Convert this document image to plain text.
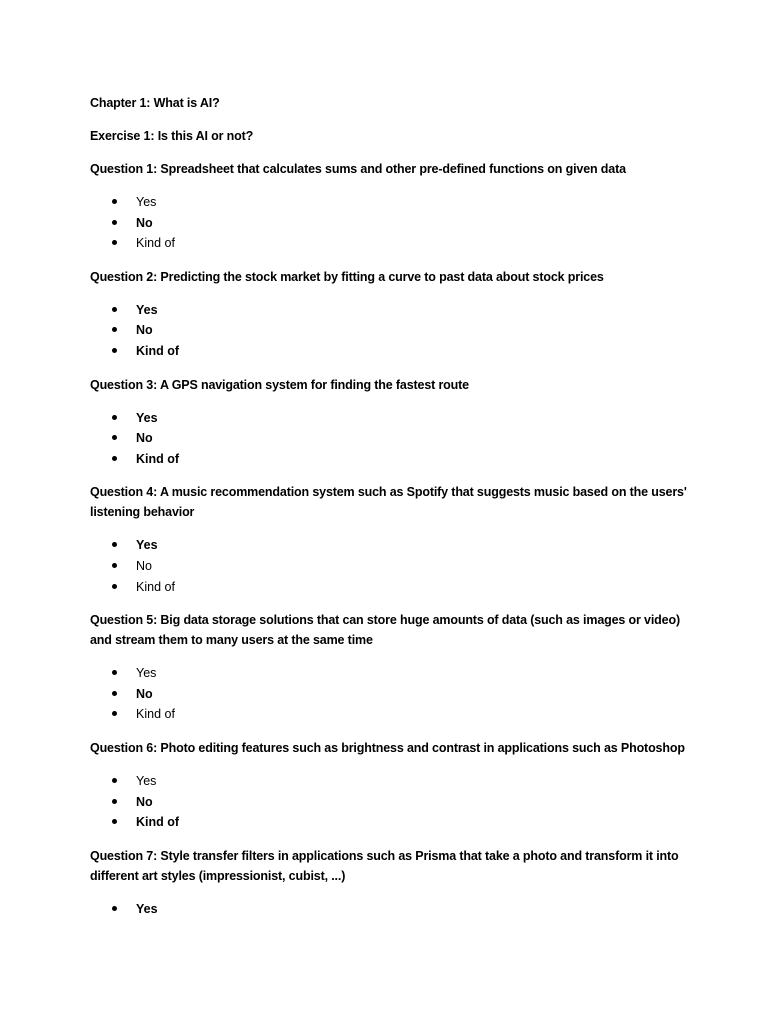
Chapter 1: What is AI?

Exercise 1: Is this AI or not?

Question 1: Spreadsheet that calculates sums and other pre-defined functions on given data

Yes
No
Kind of

Question 2: Predicting the stock market by fitting a curve to past data about stock prices

Yes
No
Kind of

Question 3: A GPS navigation system for finding the fastest route

Yes
No
Kind of

Question 4: A music recommendation system such as Spotify that suggests music based on the users' listening behavior

Yes
No
Kind of

Question 5: Big data storage solutions that can store huge amounts of data (such as images or video) and stream them to many users at the same time

Yes
No
Kind of

Question 6: Photo editing features such as brightness and contrast in applications such as Photoshop

Yes
No
Kind of

Question 7: Style transfer filters in applications such as Prisma that take a photo and transform it into different art styles (impressionist, cubist, ...)

Yes
